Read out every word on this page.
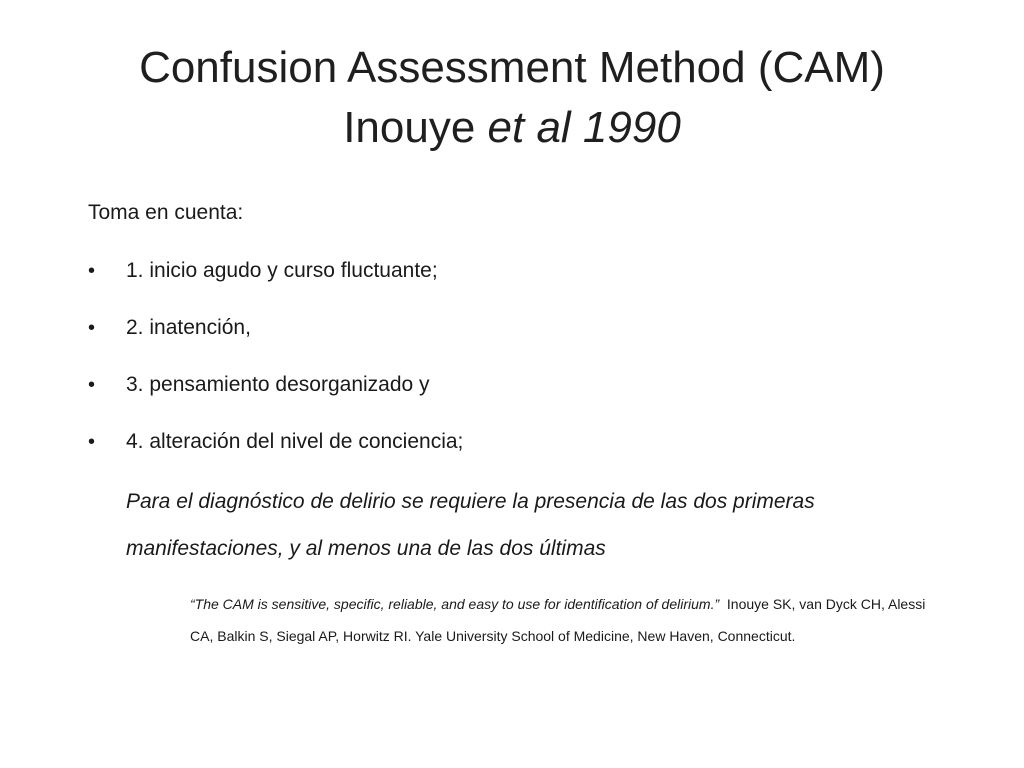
Confusion Assessment Method (CAM)
Inouye et al 1990
Toma en cuenta:
• 1. inicio agudo y curso fluctuante;
• 2. inatención,
• 3. pensamiento desorganizado y
• 4. alteración del nivel de conciencia;
Para el diagnóstico de delirio se requiere la presencia de las dos primeras manifestaciones, y al menos una de las dos últimas
“The CAM is sensitive, specific, reliable, and easy to use for identification of delirium.” Inouye SK, van Dyck CH, Alessi CA, Balkin S, Siegal AP, Horwitz RI. Yale University School of Medicine, New Haven, Connecticut.
